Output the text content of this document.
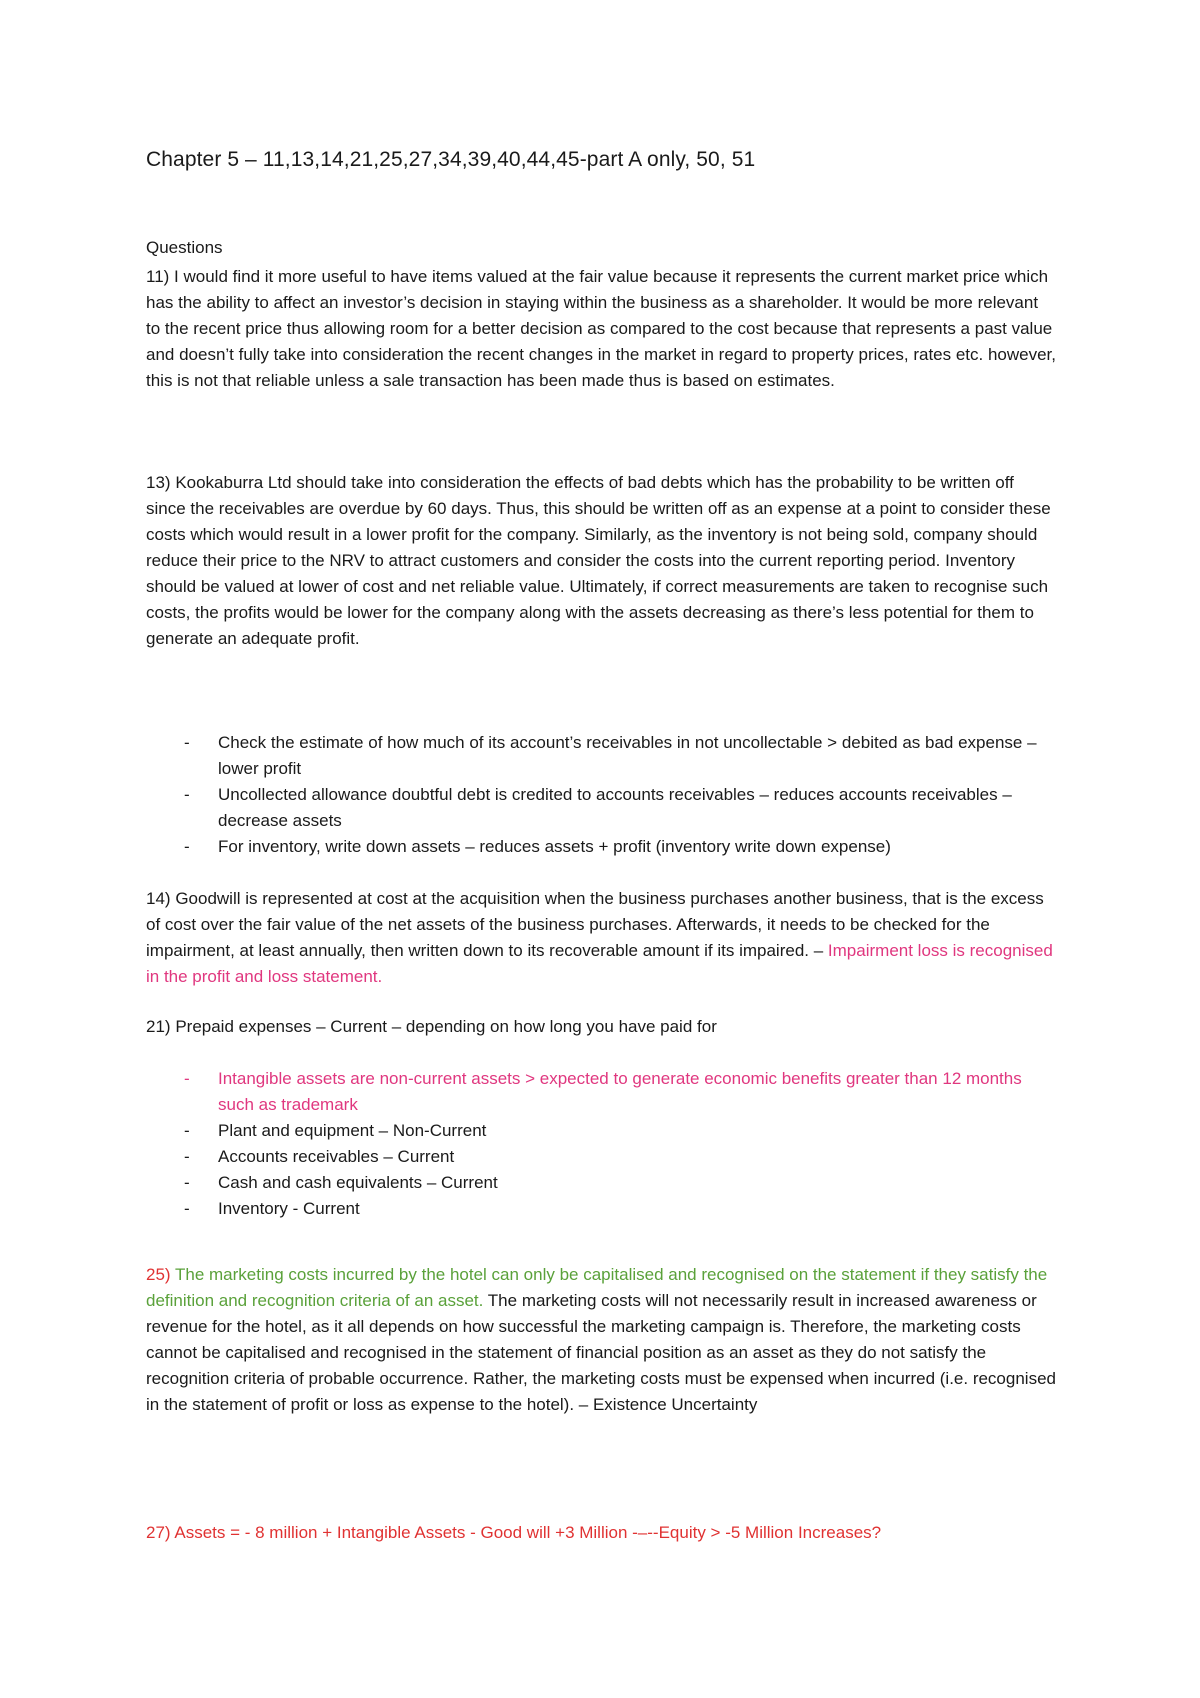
Chapter 5 – 11,13,14,21,25,27,34,39,40,44,45-part A only, 50, 51
Questions

11) I would find it more useful to have items valued at the fair value because it represents the current market price which has the ability to affect an investor’s decision in staying within the business as a shareholder. It would be more relevant to the recent price thus allowing room for a better decision as compared to the cost because that represents a past value and doesn’t fully take into consideration the recent changes in the market in regard to property prices, rates etc. however, this is not that reliable unless a sale transaction has been made thus is based on estimates.

13) Kookaburra Ltd should take into consideration the effects of bad debts which has the probability to be written off since the receivables are overdue by 60 days. Thus, this should be written off as an expense at a point to consider these costs which would result in a lower profit for the company. Similarly, as the inventory is not being sold, company should reduce their price to the NRV to attract customers and consider the costs into the current reporting period. Inventory should be valued at lower of cost and net reliable value. Ultimately, if correct measurements are taken to recognise such costs, the profits would be lower for the company along with the assets decreasing as there’s less potential for them to generate an adequate profit.

- Check the estimate of how much of its account’s receivables in not uncollectable > debited as bad expense – lower profit
- Uncollected allowance doubtful debt is credited to accounts receivables – reduces accounts receivables – decrease assets
- For inventory, write down assets – reduces assets + profit (inventory write down expense)

14) Goodwill is represented at cost at the acquisition when the business purchases another business, that is the excess of cost over the fair value of the net assets of the business purchases. Afterwards, it needs to be checked for the impairment, at least annually, then written down to its recoverable amount if its impaired. – Impairment loss is recognised in the profit and loss statement.

21) Prepaid expenses – Current – depending on how long you have paid for

- Intangible assets are non-current assets > expected to generate economic benefits greater than 12 months such as trademark
- Plant and equipment – Non-Current
- Accounts receivables – Current
- Cash and cash equivalents – Current
- Inventory - Current

25) The marketing costs incurred by the hotel can only be capitalised and recognised on the statement if they satisfy the definition and recognition criteria of an asset. The marketing costs will not necessarily result in increased awareness or revenue for the hotel, as it all depends on how successful the marketing campaign is. Therefore, the marketing costs cannot be capitalised and recognised in the statement of financial position as an asset as they do not satisfy the recognition criteria of probable occurrence. Rather, the marketing costs must be expensed when incurred (i.e. recognised in the statement of profit or loss as expense to the hotel). – Existence Uncertainty

27) Assets = - 8 million + Intangible Assets - Good will +3 Million -–--Equity > -5 Million Increases?
